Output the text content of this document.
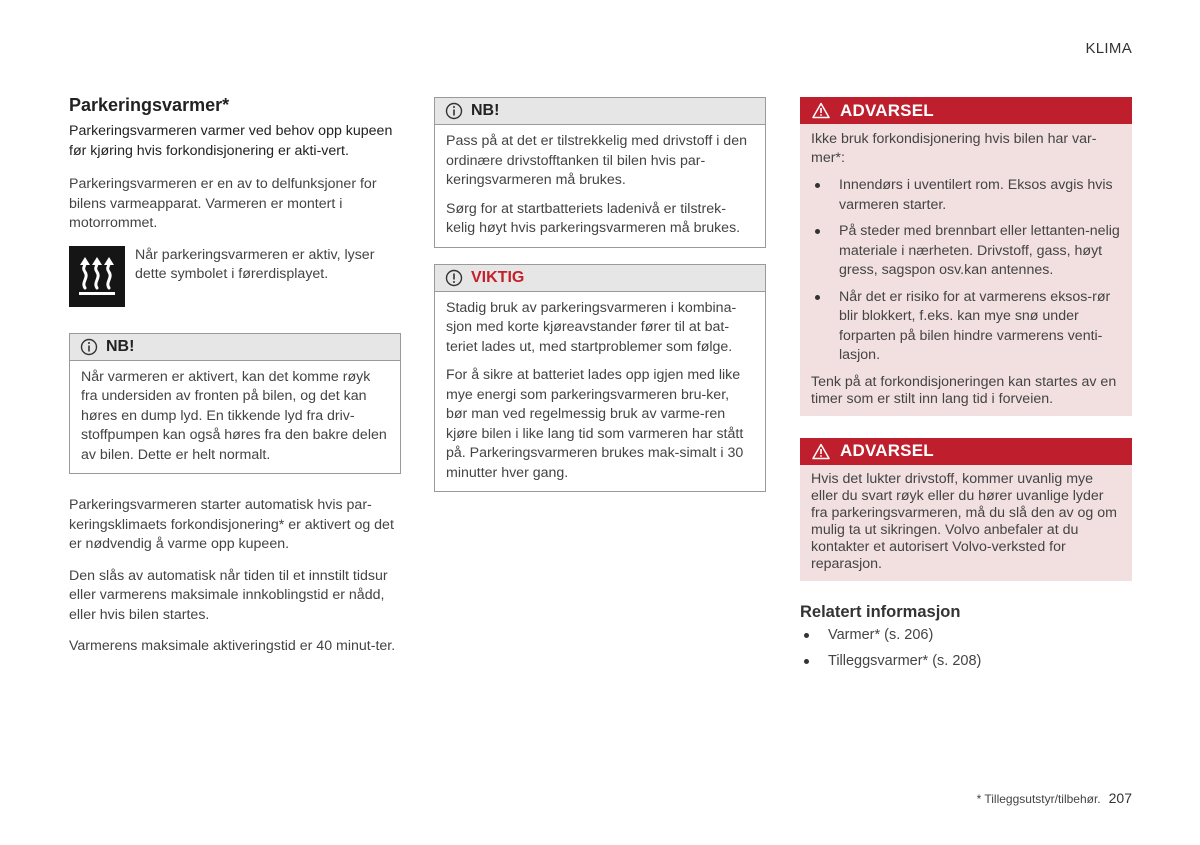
KLIMA
Parkeringsvarmer*

Parkeringsvarmeren varmer ved behov opp kupeen før kjøring hvis forkondisjonering er akti-vert.

Parkeringsvarmeren er en av to delfunksjoner for bilens varmeapparat. Varmeren er montert i motorrommet.

Når parkeringsvarmeren er aktiv, lyser dette symbolet i førerdisplayet.
NB!

Når varmeren er aktivert, kan det komme røyk fra undersiden av fronten på bilen, og det kan høres en dump lyd. En tikkende lyd fra driv-stoffpumpen kan også høres fra den bakre delen av bilen. Dette er helt normalt.

Parkeringsvarmeren starter automatisk hvis par-keringsklimaets forkondisjonering* er aktivert og det er nødvendig å varme opp kupeen.

Den slås av automatisk når tiden til et innstilt tidsur eller varmerens maksimale innkoblingstid er nådd, eller hvis bilen startes.

Varmerens maksimale aktiveringstid er 40 minut-ter.

NB!

Pass på at det er tilstrekkelig med drivstoff i den ordinære drivstofftanken til bilen hvis par-keringsvarmeren må brukes.

Sørg for at startbatteriets ladenivå er tilstrek-kelig høyt hvis parkeringsvarmeren må brukes.

VIKTIG

Stadig bruk av parkeringsvarmeren i kombina-sjon med korte kjøreavstander fører til at bat-teriet lades ut, med startproblemer som følge.

For å sikre at batteriet lades opp igjen med like mye energi som parkeringsvarmeren bru-ker, bør man ved regelmessig bruk av varme-ren kjøre bilen i like lang tid som varmeren har stått på. Parkeringsvarmeren brukes mak-simalt i 30 minutter hver gang.

ADVARSEL

Ikke bruk forkondisjonering hvis bilen har var-mer*:

Innendørs i uventilert rom. Eksos avgis hvis varmeren starter.
På steder med brennbart eller lettanten-nelig materiale i nærheten. Drivstoff, gass, høyt gress, sagspon osv.kan antennes.
Når det er risiko for at varmerens eksos-rør blir blokkert, f.eks. kan mye snø under forparten på bilen hindre varmerens venti-lasjon.

Tenk på at forkondisjoneringen kan startes av en timer som er stilt inn lang tid i forveien.

ADVARSEL

Hvis det lukter drivstoff, kommer uvanlig mye eller du svart røyk eller du hører uvanlige lyder fra parkeringsvarmeren, må du slå den av og om mulig ta ut sikringen. Volvo anbefaler at du kontakter et autorisert Volvo-verksted for reparasjon.

Relatert informasjon
Varmer* (s. 206)
Tilleggsvarmer* (s. 208)
* Tilleggsutstyr/tilbehør. 207
